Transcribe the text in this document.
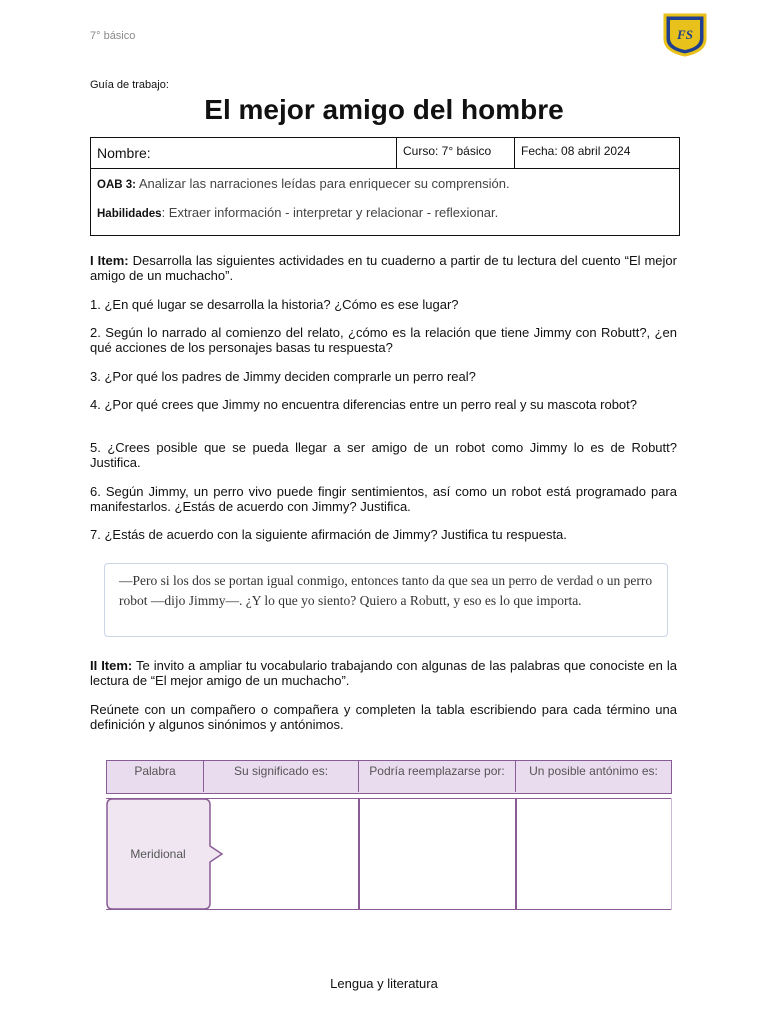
7° básico	FS
Guía de trabajo:
El mejor amigo del hombre
Nombre:	Curso: 7° básico	Fecha: 08 abril 2024
OAB 3: Analizar las narraciones leídas para enriquecer su comprensión.
Habilidades: Extraer información - interpretar y relacionar - reflexionar.
I Item: Desarrolla las siguientes actividades en tu cuaderno a partir de tu lectura del cuento “El mejor amigo de un muchacho”.
1. ¿En qué lugar se desarrolla la historia? ¿Cómo es ese lugar?
2. Según lo narrado al comienzo del relato, ¿cómo es la relación que tiene Jimmy con Robutt?, ¿en qué acciones de los personajes basas tu respuesta?
3. ¿Por qué los padres de Jimmy deciden comprarle un perro real?
4. ¿Por qué crees que Jimmy no encuentra diferencias entre un perro real y su mascota robot?
5. ¿Crees posible que se pueda llegar a ser amigo de un robot como Jimmy lo es de Robutt? Justifica.
6. Según Jimmy, un perro vivo puede fingir sentimientos, así como un robot está programado para manifestarlos. ¿Estás de acuerdo con Jimmy? Justifica.
7. ¿Estás de acuerdo con la siguiente afirmación de Jimmy? Justifica tu respuesta.
—Pero si los dos se portan igual conmigo, entonces tanto da que sea un perro de verdad o un perro robot —dijo Jimmy—. ¿Y lo que yo siento? Quiero a Robutt, y eso es lo que importa.
II Item: Te invito a ampliar tu vocabulario trabajando con algunas de las palabras que conociste en la lectura de “El mejor amigo de un muchacho”.
Reúnete con un compañero o compañera y completen la tabla escribiendo para cada término una definición y algunos sinónimos y antónimos.
Palabra	Su significado es:	Podría reemplazarse por:	Un posible antónimo es:
Meridional
Lengua y literatura
